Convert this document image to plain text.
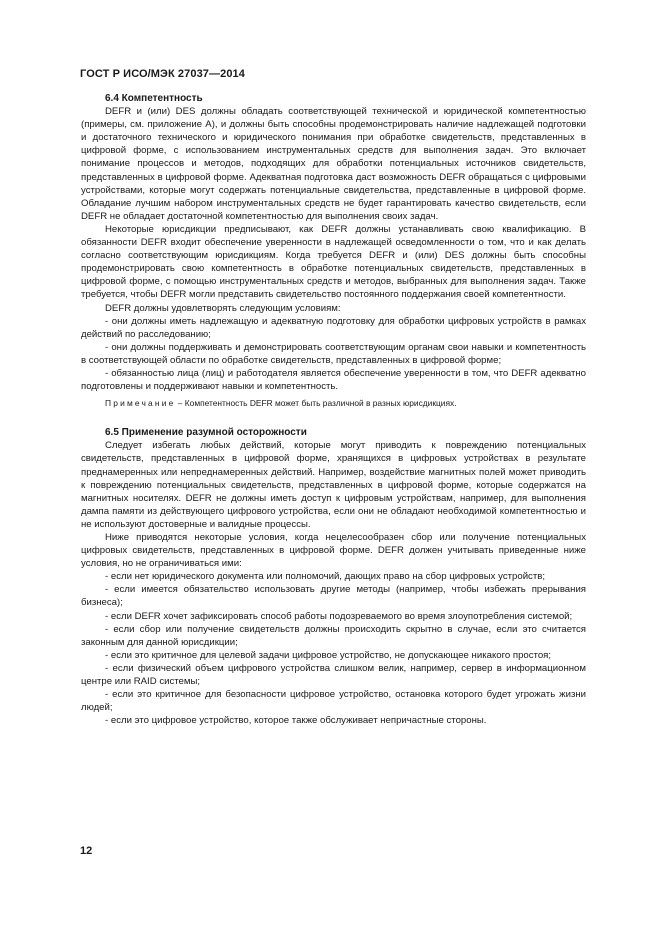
ГОСТ Р ИСО/МЭК 27037—2014

6.4 Компетентность

DEFR и (или) DES должны обладать соответствующей технической и юридической компетентностью (примеры, см. приложение А), и должны быть способны продемонстрировать наличие надлежащей подготовки и достаточного технического и юридического понимания при обработке свидетельств, представленных в цифровой форме, с использованием инструментальных средств для выполнения задач. Это включает понимание процессов и методов, подходящих для обработки потенциальных источников свидетельств, представленных в цифровой форме. Адекватная подготовка даст возможность DEFR обращаться с цифровыми устройствами, которые могут содержать потенциальные свидетельства, представленные в цифровой форме. Обладание лучшим набором инструментальных средств не будет гарантировать качество свидетельств, если DEFR не обладает достаточной компетентностью для выполнения своих задач.

Некоторые юрисдикции предписывают, как DEFR должны устанавливать свою квалификацию. В обязанности DEFR входит обеспечение уверенности в надлежащей осведомленности о том, что и как делать согласно соответствующим юрисдикциям. Когда требуется DEFR и (или) DES должны быть способны продемонстрировать свою компетентность в обработке потенциальных свидетельств, представленных в цифровой форме, с помощью инструментальных средств и методов, выбранных для выполнения задач. Также требуется, чтобы DEFR могли представить свидетельство постоянного поддержания своей компетентности.

DEFR должны удовлетворять следующим условиям:

- они должны иметь надлежащую и адекватную подготовку для обработки цифровых устройств в рамках действий по расследованию;

- они должны поддерживать и демонстрировать соответствующим органам свои навыки и компетентность в соответствующей области по обработке свидетельств, представленных в цифровой форме;

- обязанностью лица (лиц) и работодателя является обеспечение уверенности в том, что DEFR адекватно подготовлены и поддерживают навыки и компетентность.

Примечание – Компетентность DEFR может быть различной в разных юрисдикциях.

6.5 Применение разумной осторожности

Следует избегать любых действий, которые могут приводить к повреждению потенциальных свидетельств, представленных в цифровой форме, хранящихся в цифровых устройствах в результате преднамеренных или непреднамеренных действий. Например, воздействие магнитных полей может приводить к повреждению потенциальных свидетельств, представленных в цифровой форме, которые содержатся на магнитных носителях. DEFR не должны иметь доступ к цифровым устройствам, например, для выполнения дампа памяти из действующего цифрового устройства, если они не обладают необходимой компетентностью и не используют достоверные и валидные процессы.

Ниже приводятся некоторые условия, когда нецелесообразен сбор или получение потенциальных цифровых свидетельств, представленных в цифровой форме. DEFR должен учитывать приведенные ниже условия, но не ограничиваться ими:

- если нет юридического документа или полномочий, дающих право на сбор цифровых устройств;

- если имеется обязательство использовать другие методы (например, чтобы избежать прерывания бизнеса);

- если DEFR хочет зафиксировать способ работы подозреваемого во время злоупотребления системой;

- если сбор или получение свидетельств должны происходить скрытно в случае, если это считается законным для данной юрисдикции;

- если это критичное для целевой задачи цифровое устройство, не допускающее никакого простоя;

- если физический объем цифрового устройства слишком велик, например, сервер в информационном центре или RAID системы;

- если это критичное для безопасности цифровое устройство, остановка которого будет угрожать жизни людей;

- если это цифровое устройство, которое также обслуживает непричастные стороны.

12
